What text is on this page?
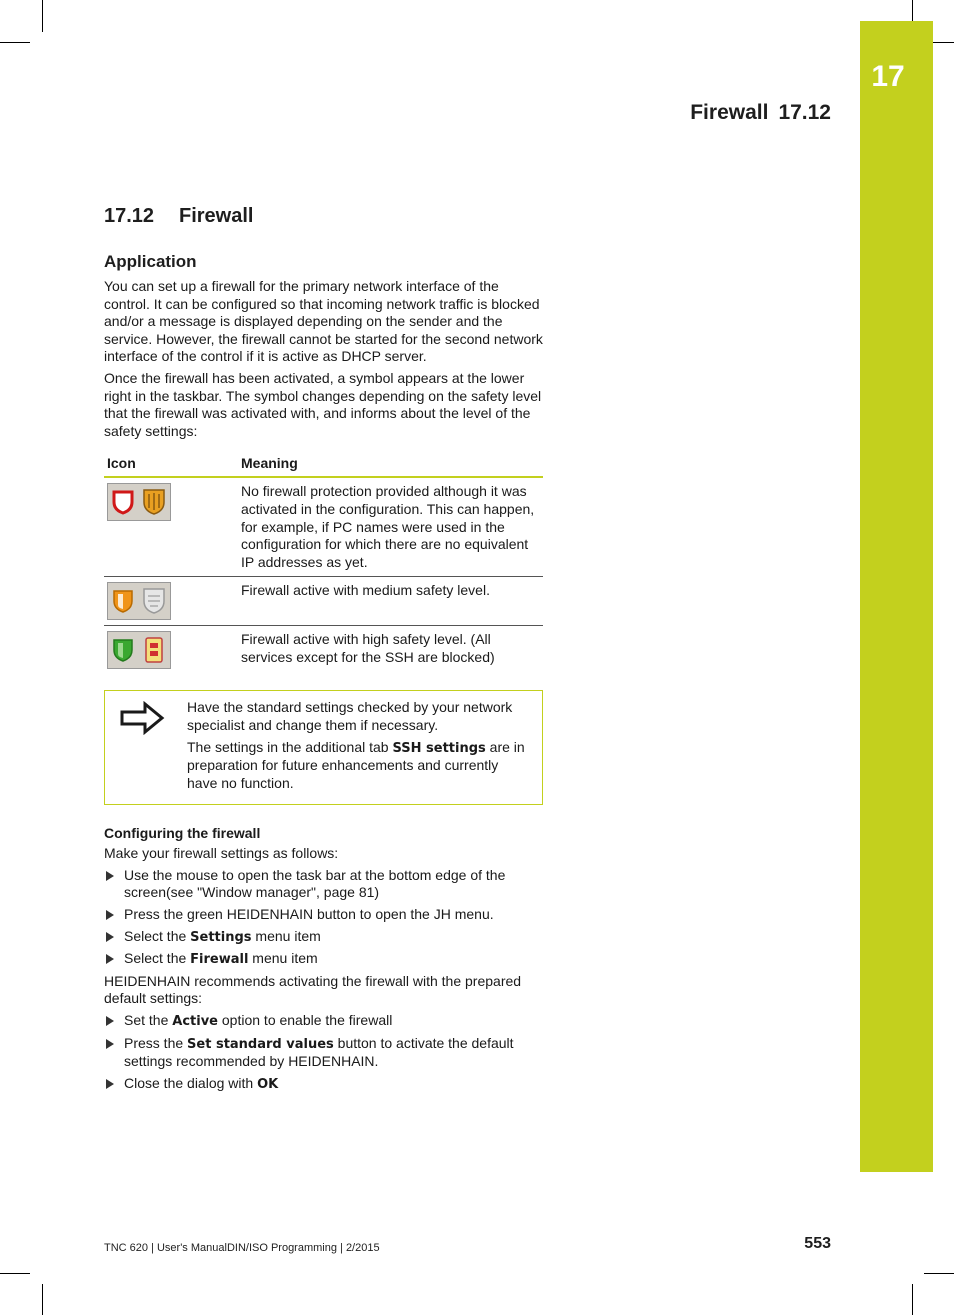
17
Firewall 17.12
17.12 Firewall
Application

You can set up a firewall for the primary network interface of the control. It can be configured so that incoming network traffic is blocked and/or a message is displayed depending on the sender and the service. However, the firewall cannot be started for the second network interface of the control if it is active as DHCP server.

Once the firewall has been activated, a symbol appears at the lower right in the taskbar. The symbol changes depending on the safety level that the firewall was activated with, and informs about the level of the safety settings:

Icon	Meaning

	No firewall protection provided although it was activated in the configuration. This can happen, for example, if PC names were used in the configuration for which there are no equivalent IP addresses as yet.

	Firewall active with medium safety level.

	Firewall active with high safety level. (All services except for the SSH are blocked)

Have the standard settings checked by your network specialist and change them if necessary.

The settings in the additional tab SSH settings are in preparation for future enhancements and currently have no function.

Configuring the firewall

Make your firewall settings as follows:

Use the mouse to open the task bar at the bottom edge of the screen(see "Window manager", page 81)
Press the green HEIDENHAIN button to open the JH menu.
Select the Settings menu item
Select the Firewall menu item

HEIDENHAIN recommends activating the firewall with the prepared default settings:

Set the Active option to enable the firewall
Press the Set standard values button to activate the default settings recommended by HEIDENHAIN.
Close the dialog with OK
TNC 620 | User's ManualDIN/ISO Programming | 2/2015	553
